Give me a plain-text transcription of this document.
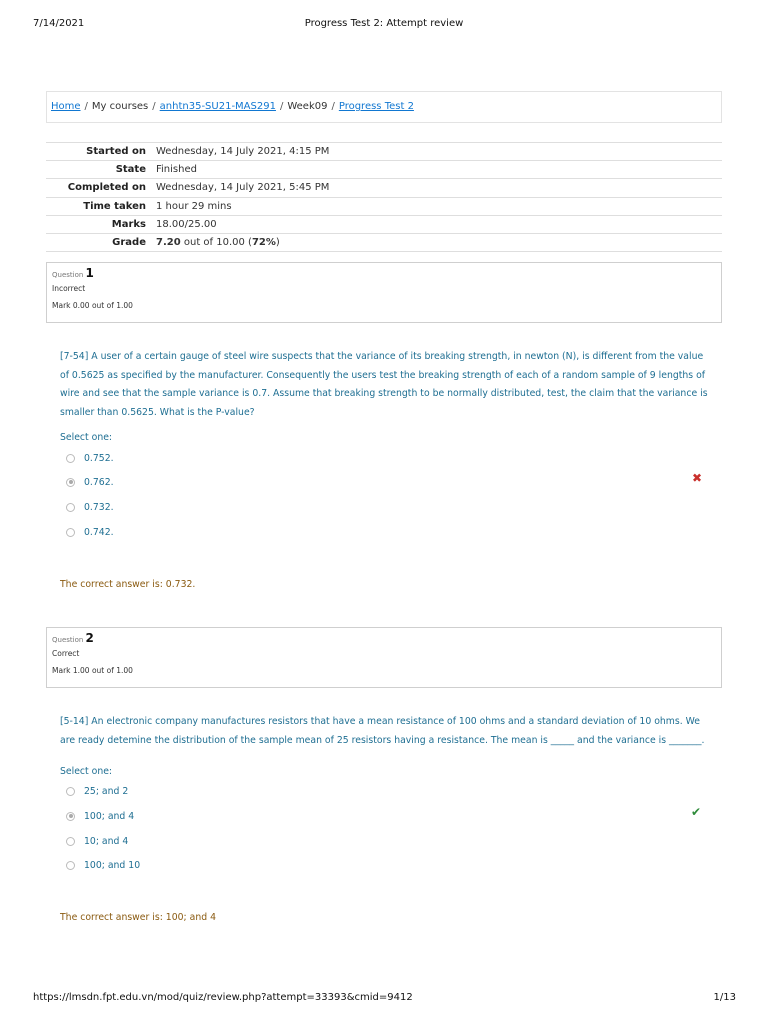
7/14/2021	Progress Test 2: Attempt review
Home / My courses / anhtn35-SU21-MAS291 / Week09 / Progress Test 2
Started on	Wednesday, 14 July 2021, 4:15 PM
State	Finished
Completed on	Wednesday, 14 July 2021, 5:45 PM
Time taken	1 hour 29 mins
Marks	18.00/25.00
Grade	7.20 out of 10.00 (72%)
Question 1
Incorrect
Mark 0.00 out of 1.00
[7-54] A user of a certain gauge of steel wire suspects that the variance of its breaking strength, in newton (N), is different from the value of 0.5625 as specified by the manufacturer. Consequently the users test the breaking strength of each of a random sample of 9 lengths of wire and see that the sample variance is 0.7. Assume that breaking strength to be normally distributed, test, the claim that the variance is smaller than 0.5625. What is the P-value?
Select one:
0.752.
0.762.
0.732.
0.742.
✖
The correct answer is: 0.732.
Question 2
Correct
Mark 1.00 out of 1.00
[5-14] An electronic company manufactures resistors that have a mean resistance of 100 ohms and a standard deviation of 10 ohms. We are ready detemine the distribution of the sample mean of 25 resistors having a resistance. The mean is _____ and the variance is _______.
Select one:
25; and 2
100; and 4
10; and 4
100; and 10
✔
The correct answer is: 100; and 4
https://lmsdn.fpt.edu.vn/mod/quiz/review.php?attempt=33393&cmid=9412	1/13
